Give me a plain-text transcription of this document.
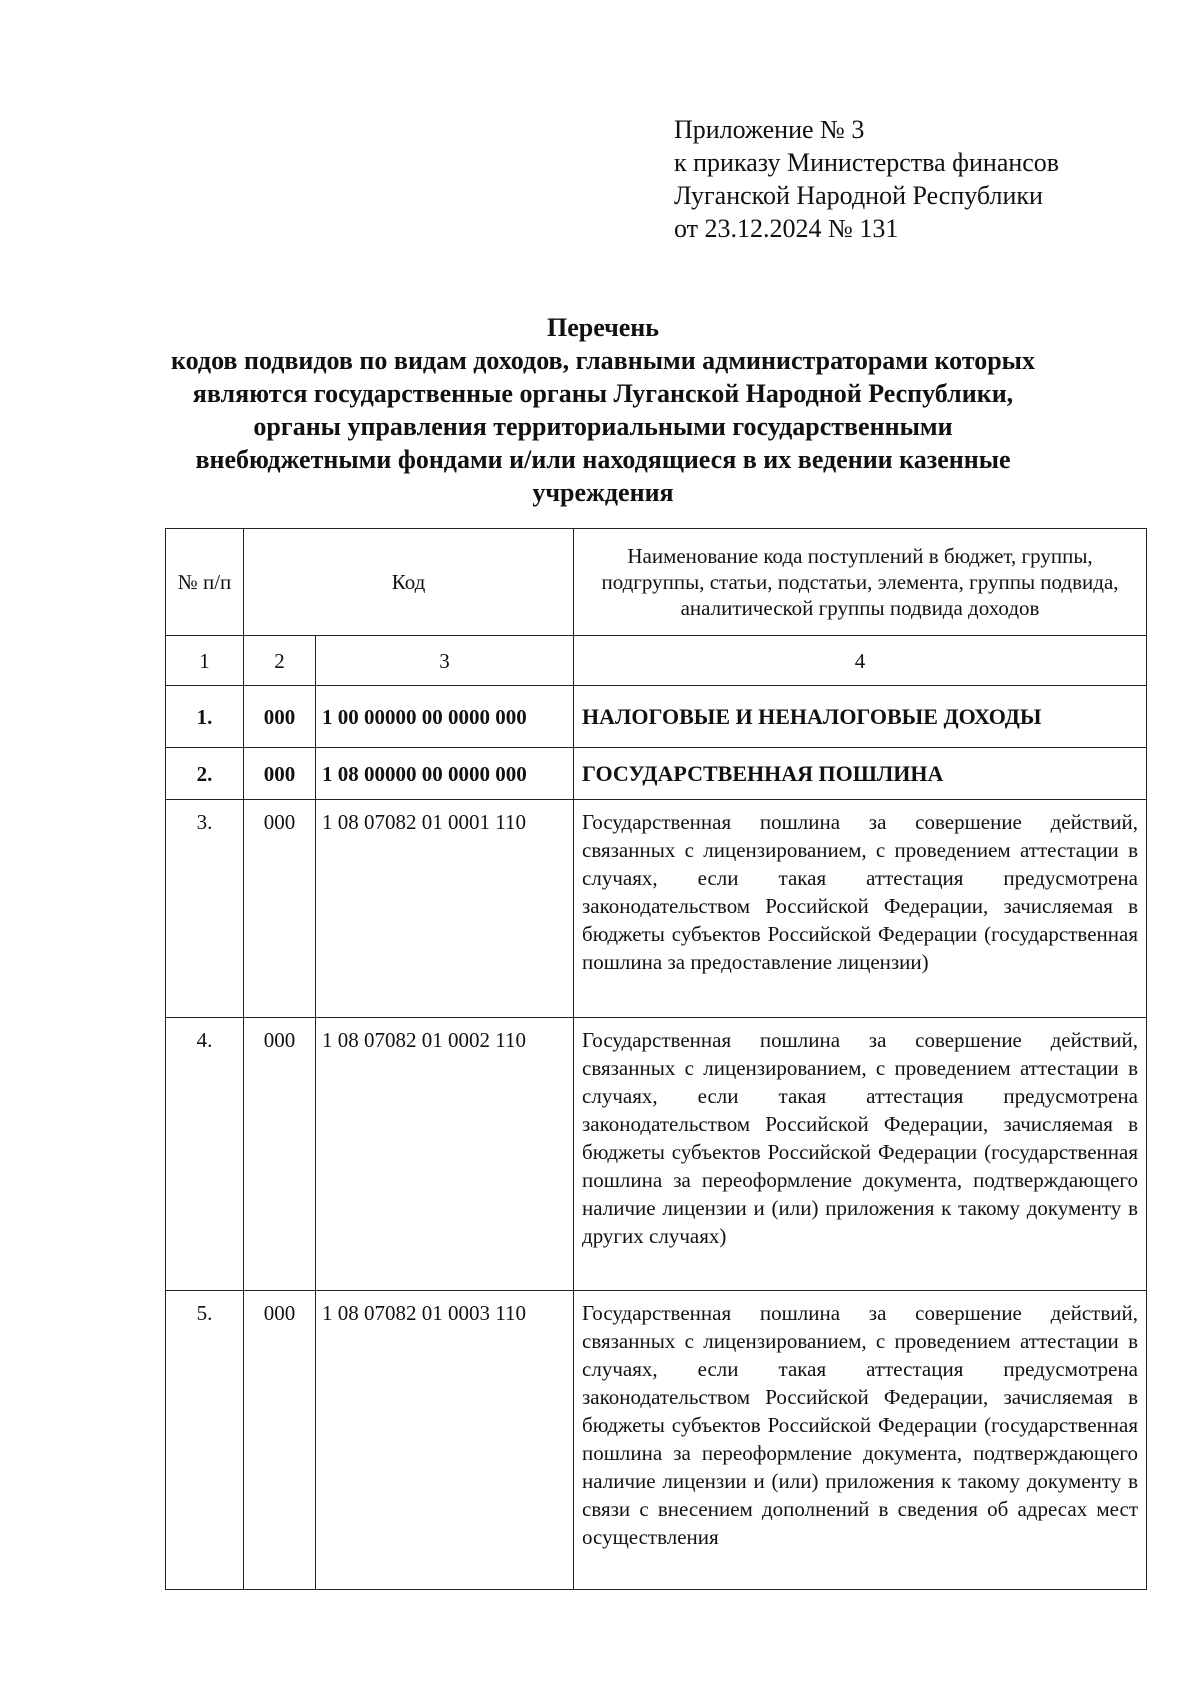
Приложение № 3
к приказу Министерства финансов
Луганской Народной Республики
от 23.12.2024 № 131
Перечень
кодов подвидов по видам доходов, главными администраторами которых
являются государственные органы Луганской Народной Республики,
органы управления территориальными государственными
внебюджетными фондами и/или находящиеся в их ведении казенные
учреждения
№ п/п	Код		Наименование кода поступлений в бюджет, группы, подгруппы, статьи, подстатьи, элемента, группы подвида, аналитической группы подвида доходов
1	2	3	4
1.	000	1 00 00000 00 0000 000	НАЛОГОВЫЕ И НЕНАЛОГОВЫЕ ДОХОДЫ
2.	000	1 08 00000 00 0000 000	ГОСУДАРСТВЕННАЯ ПОШЛИНА
3.	000	1 08 07082 01 0001 110	Государственная пошлина за совершение действий, связанных с лицензированием, с проведением аттестации в случаях, если такая аттестация предусмотрена законодательством Российской Федерации, зачисляемая в бюджеты субъектов Российской Федерации (государственная пошлина за предоставление лицензии)
4.	000	1 08 07082 01 0002 110	Государственная пошлина за совершение действий, связанных с лицензированием, с проведением аттестации в случаях, если такая аттестация предусмотрена законодательством Российской Федерации, зачисляемая в бюджеты субъектов Российской Федерации (государственная пошлина за переоформление документа, подтверждающего наличие лицензии и (или) приложения к такому документу в других случаях)
5.	000	1 08 07082 01 0003 110	Государственная пошлина за совершение действий, связанных с лицензированием, с проведением аттестации в случаях, если такая аттестация предусмотрена законодательством Российской Федерации, зачисляемая в бюджеты субъектов Российской Федерации (государственная пошлина за переоформление документа, подтверждающего наличие лицензии и (или) приложения к такому документу в связи с внесением дополнений в сведения об адресах мест осуществления
